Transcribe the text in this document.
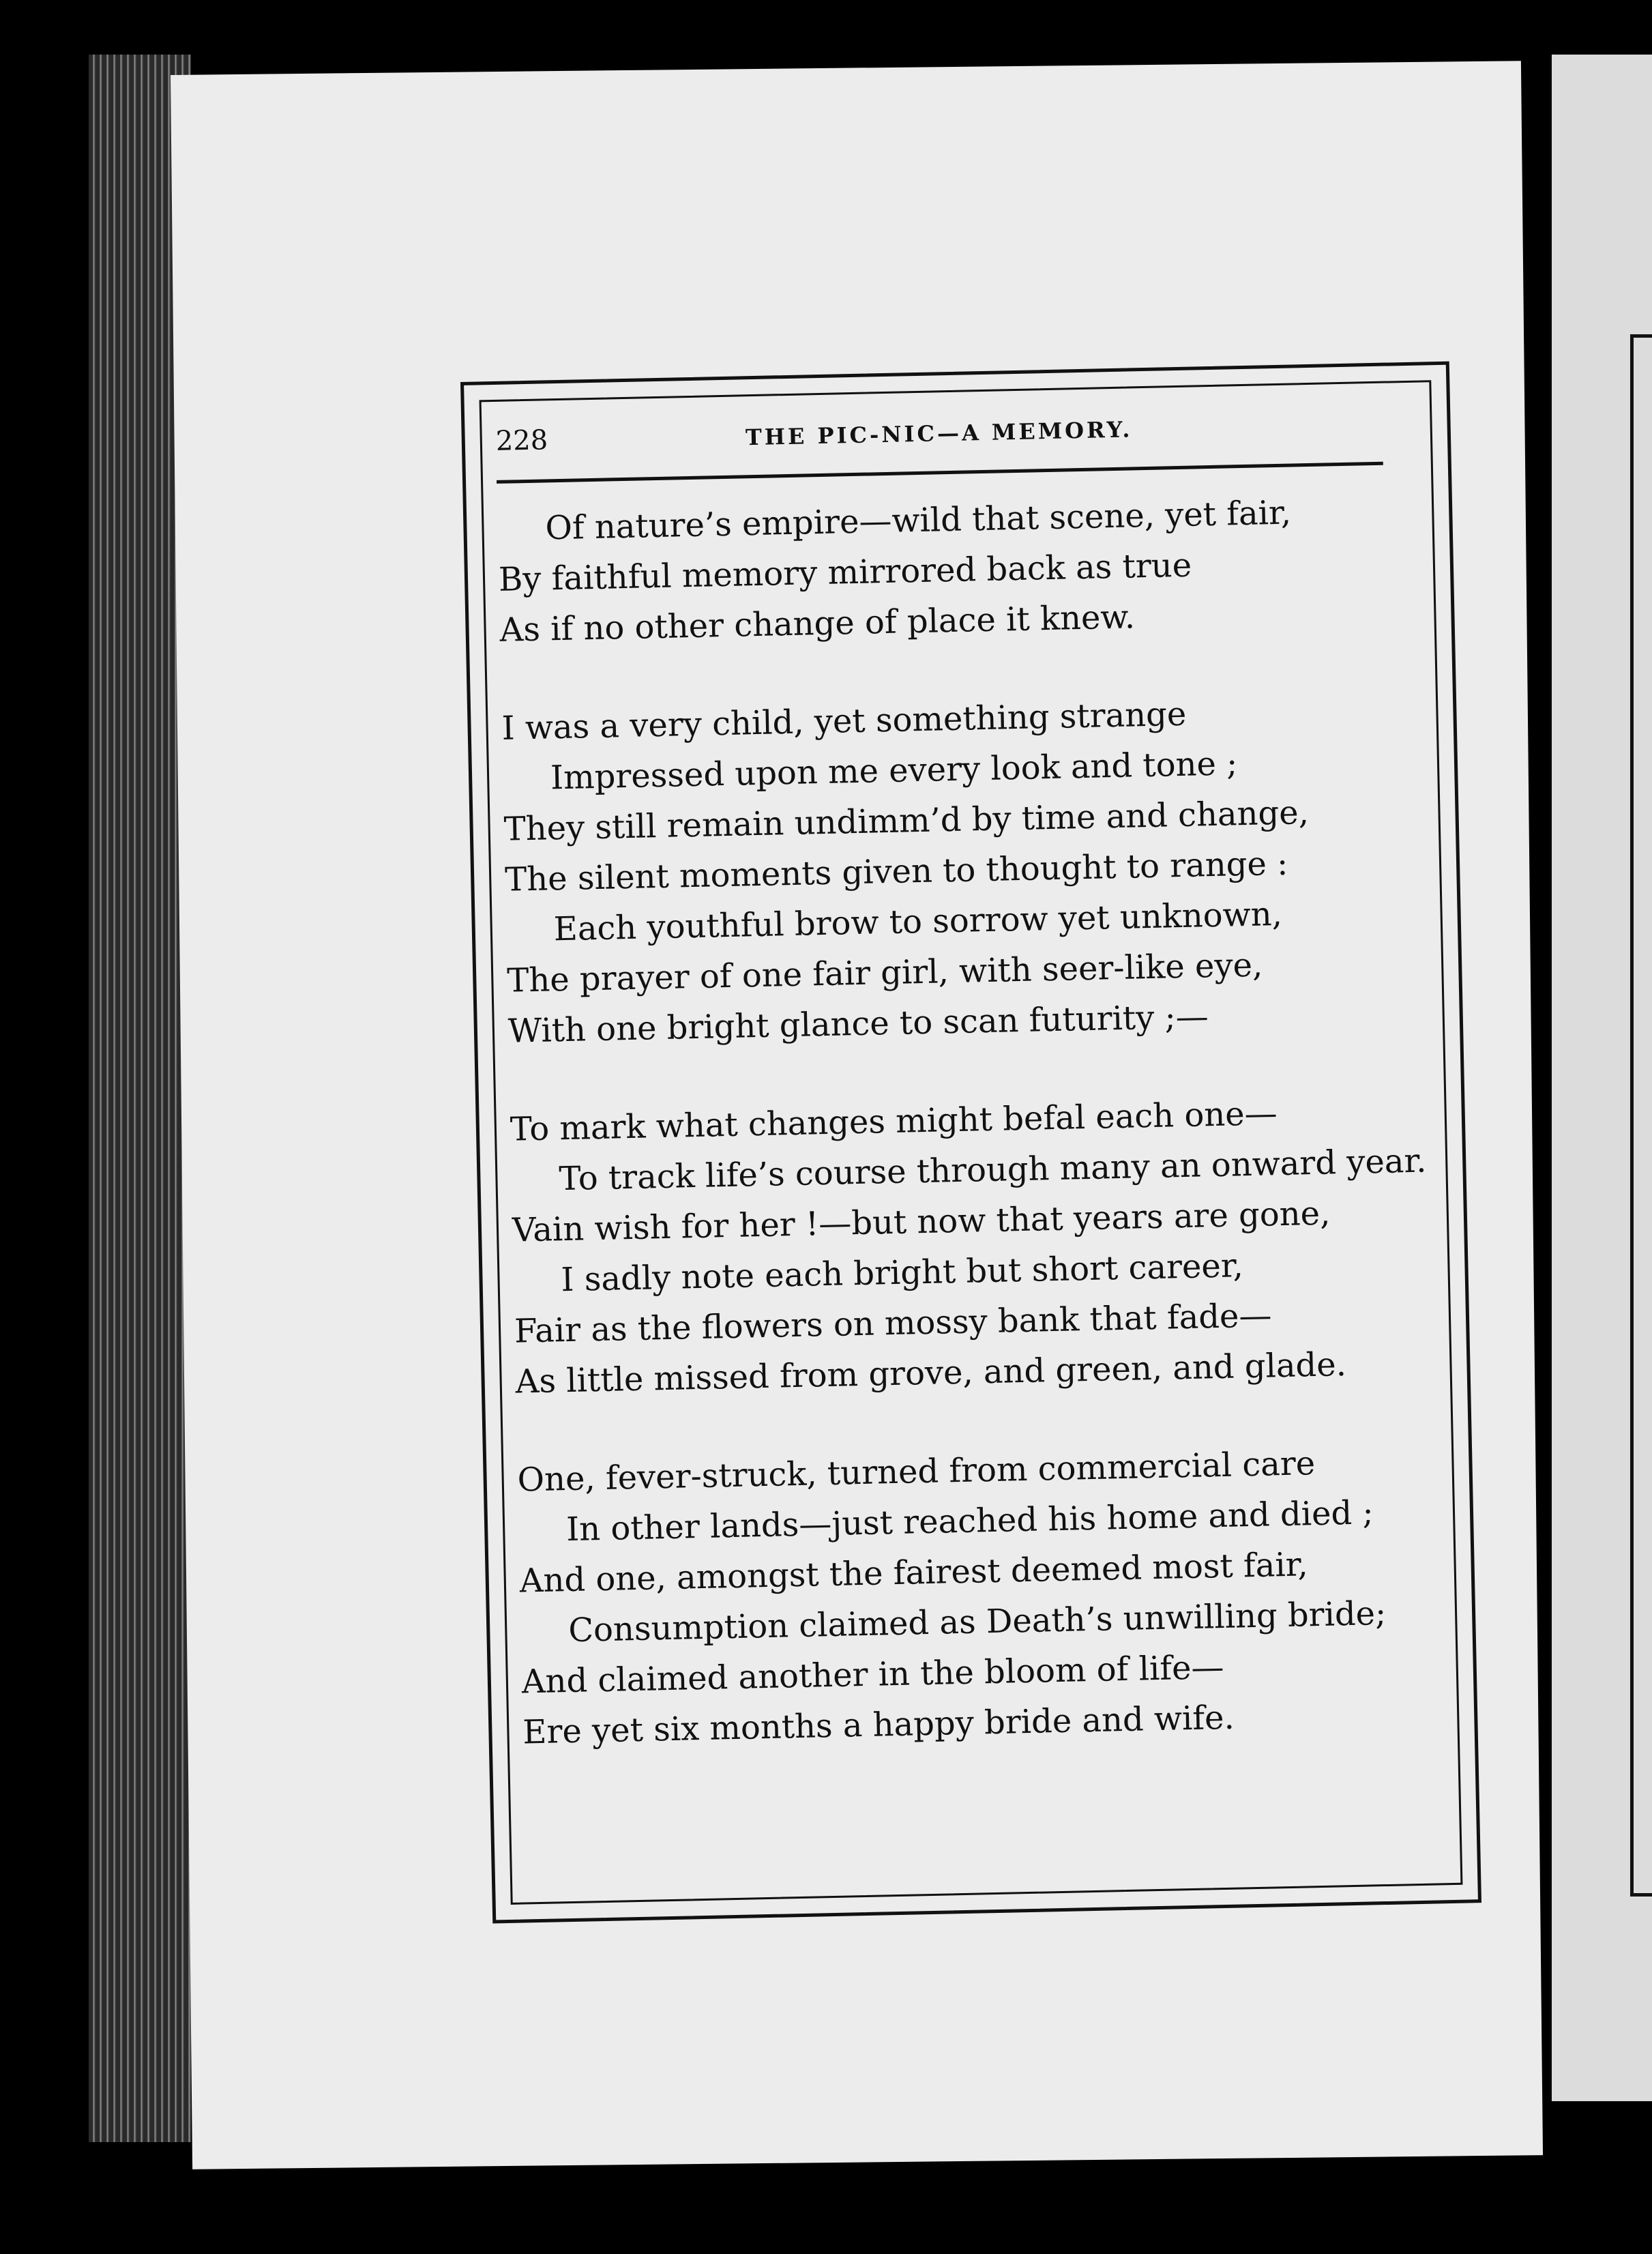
228	THE PIC-NIC—A MEMORY.
Of nature’s empire—wild that scene, yet fair,
By faithful memory mirrored back as true
As if no other change of place it knew.
I was a very child, yet something strange
Impressed upon me every look and tone ;
They still remain undimm’d by time and change,
The silent moments given to thought to range :
Each youthful brow to sorrow yet unknown,
The prayer of one fair girl, with seer-like eye,
With one bright glance to scan futurity ;—
To mark what changes might befal each one—
To track life’s course through many an onward year.
Vain wish for her !—but now that years are gone,
I sadly note each bright but short career,
Fair as the flowers on mossy bank that fade—
As little missed from grove, and green, and glade.
One, fever-struck, turned from commercial care
In other lands—just reached his home and died ;
And one, amongst the fairest deemed most fair,
Consumption claimed as Death’s unwilling bride;
And claimed another in the bloom of life—
Ere yet six months a happy bride and wife.
